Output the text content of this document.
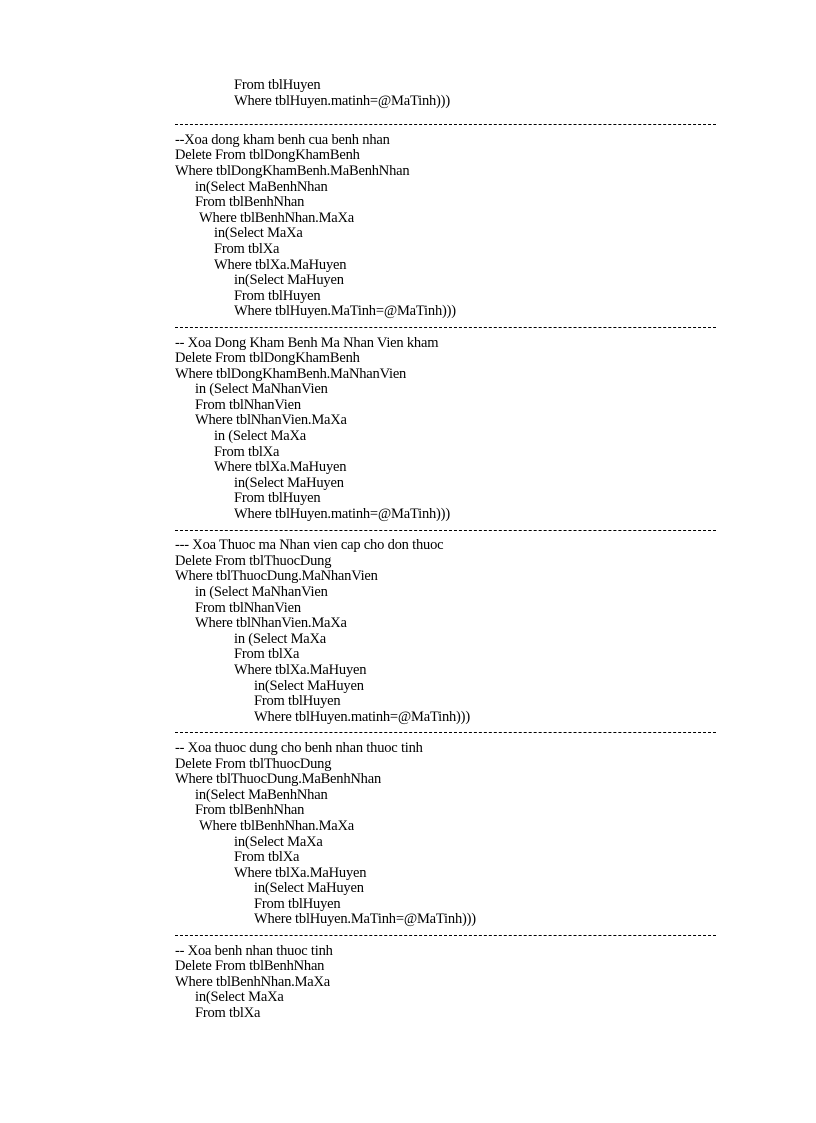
From tblHuyen
Where tblHuyen.matinh=@MaTinh)))
--Xoa dong kham benh cua benh nhan
Delete From tblDongKhamBenh
Where tblDongKhamBenh.MaBenhNhan
in(Select MaBenhNhan
From tblBenhNhan
Where tblBenhNhan.MaXa
in(Select MaXa
From tblXa
Where tblXa.MaHuyen
in(Select MaHuyen
From tblHuyen
Where tblHuyen.MaTinh=@MaTinh)))
-- Xoa Dong Kham Benh Ma Nhan Vien kham
Delete From tblDongKhamBenh
Where tblDongKhamBenh.MaNhanVien
in (Select MaNhanVien
From tblNhanVien
Where tblNhanVien.MaXa
in (Select MaXa
From tblXa
Where tblXa.MaHuyen
in(Select MaHuyen
From tblHuyen
Where tblHuyen.matinh=@MaTinh)))
--- Xoa Thuoc ma Nhan vien cap cho don thuoc
Delete From tblThuocDung
Where tblThuocDung.MaNhanVien
in (Select MaNhanVien
From tblNhanVien
Where tblNhanVien.MaXa
in (Select MaXa
From tblXa
Where tblXa.MaHuyen
in(Select MaHuyen
From tblHuyen
Where tblHuyen.matinh=@MaTinh)))
-- Xoa thuoc dung cho benh nhan thuoc tinh
Delete From tblThuocDung
Where tblThuocDung.MaBenhNhan
in(Select MaBenhNhan
From tblBenhNhan
Where tblBenhNhan.MaXa
in(Select MaXa
From tblXa
Where tblXa.MaHuyen
in(Select MaHuyen
From tblHuyen
Where tblHuyen.MaTinh=@MaTinh)))
-- Xoa benh nhan thuoc tinh
Delete From tblBenhNhan
Where tblBenhNhan.MaXa
in(Select MaXa
From tblXa
